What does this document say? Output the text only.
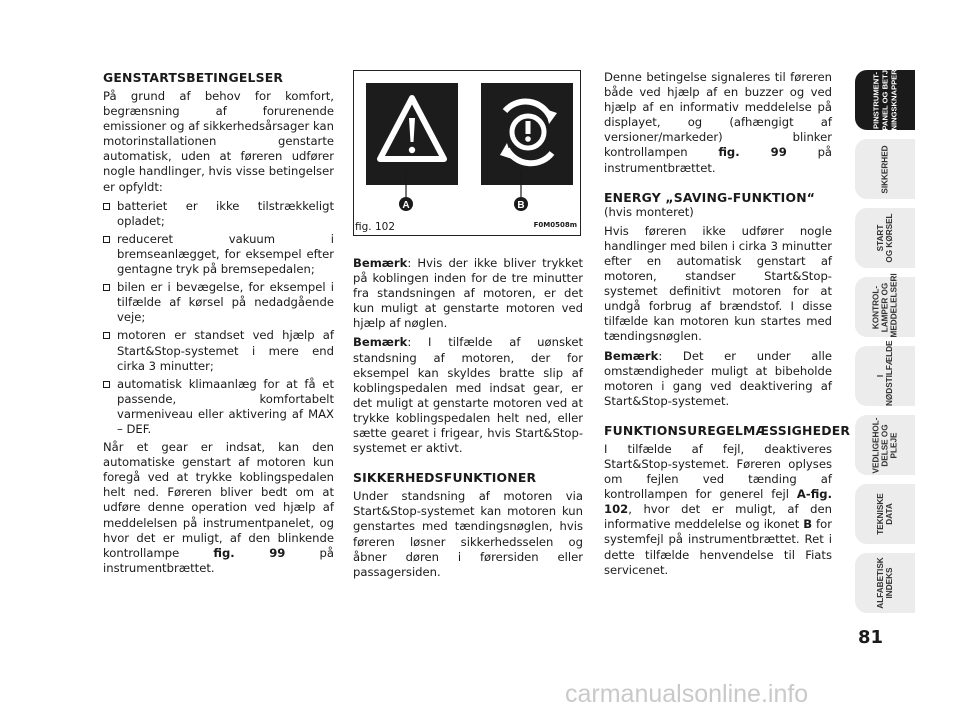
GENSTARTSBETINGELSER

På grund af behov for komfort, begrænsning af forurenende emissioner og af sikkerhedsårsager kan motorinstallationen genstarte automatisk, uden at føreren udfører nogle handlinger, hvis visse betingelser er opfyldt:

batteriet er ikke tilstrækkeligt opladet;
reduceret vakuum i bremseanlægget, for eksempel efter gentagne tryk på bremsepedalen;
bilen er i bevægelse, for eksempel i tilfælde af kørsel på nedadgående veje;
motoren er standset ved hjælp af Start&Stop-systemet i mere end cirka 3 minutter;
automatisk klimaanlæg for at få et passende, komfortabelt varmeniveau eller aktivering af MAX – DEF.

Når et gear er indsat, kan den automatiske genstart af motoren kun foregå ved at trykke koblingspedalen helt ned. Føreren bliver bedt om at udføre denne operation ved hjælp af meddelelsen på instrumentpanelet, og hvor det er muligt, af den blinkende kontrollampe	fig. 99	på instrumentbrættet.

A	B
fig. 102	F0M0508m

Bemærk: Hvis der ikke bliver trykket på koblingen inden for de tre minutter fra standsningen af motoren, er det kun muligt at genstarte motoren ved hjælp af nøglen.

Bemærk: I tilfælde af uønsket standsning af motoren, der for eksempel kan skyldes bratte slip af koblingspedalen med indsat gear, er det muligt at genstarte motoren ved at trykke koblingspedalen helt ned, eller sætte gearet i frigear, hvis Start&Stop-systemet er aktivt.

SIKKERHEDSFUNKTIONER

Under standsning af motoren via Start&Stop-systemet kan motoren kun genstartes med tændingsnøglen, hvis føreren løsner sikkerhedsselen og åbner døren i førersiden eller passagersiden.

Denne betingelse signaleres til føreren både ved hjælp af en buzzer og ved hjælp af en informativ meddelelse på displayet, og (afhængigt af versioner/markeder) blinker kontrollampen	fig. 99	på instrumentbrættet.

ENERGY „SAVING-FUNKTION“

(hvis monteret)

Hvis føreren ikke udfører nogle handlinger med bilen i cirka 3 minutter efter en automatisk genstart af motoren, standser Start&Stop-systemet definitivt motoren for at undgå forbrug af brændstof. I disse tilfælde kan motoren kun startes med tændingsnøglen.

Bemærk: Det er under alle omstændigheder muligt at bibeholde motoren i gang ved deaktivering af Start&Stop-systemet.

FUNKTIONSUREGELMÆSSIGHEDER

I tilfælde af fejl, deaktiveres Start&Stop-systemet. Føreren oplyses om fejlen ved tænding af kontrollampen for generel fejl A-fig. 102, hvor det er muligt, af den informative meddelelse og ikonet B for systemfejl på instrumentbrættet. Ret i dette tilfælde henvendelse til Fiats servicenet.

PINSTRUMENT-
PANEL OG BETJE-
NINGSKNAPPERI
SIKKERHED
START
OG KØRSEL
KONTROL-
LAMPER OG
MEDDELELSERI
I
NØDSTILFÆLDE
VEDLIGEHOL-
DELSE OG
PLEJE
TEKNISKE
DATA
ALFABETISK
INDEKS
81
carmanualsonline.info
